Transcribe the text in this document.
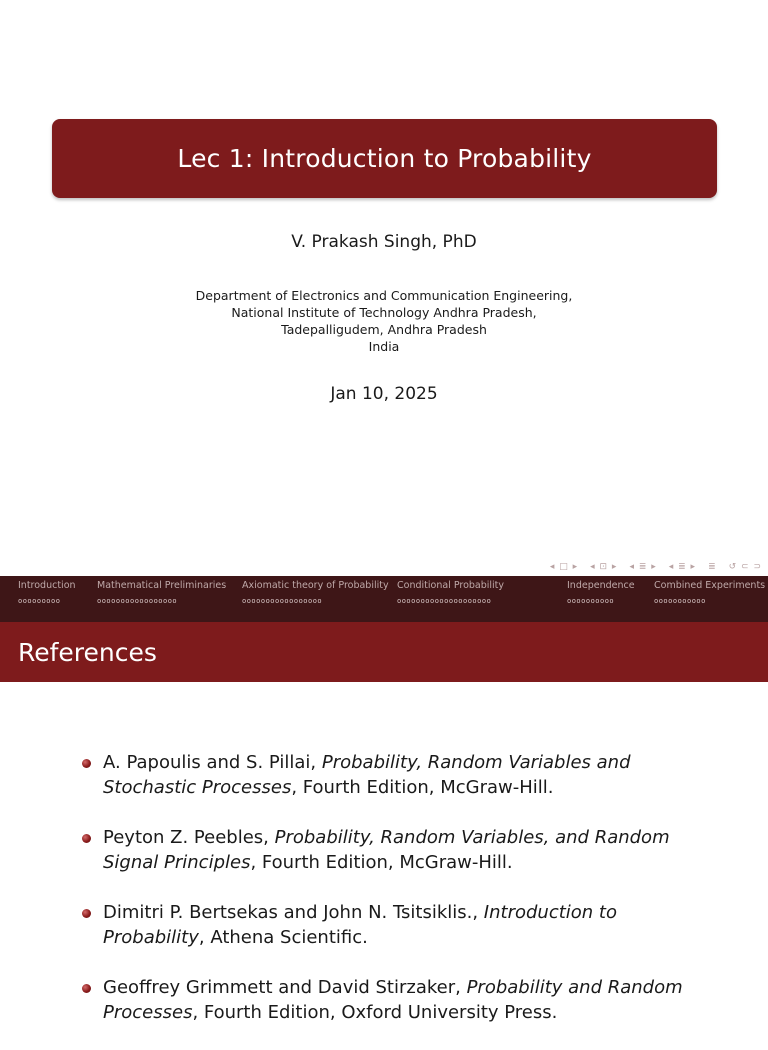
Lec 1: Introduction to Probability
V. Prakash Singh, PhD
Department of Electronics and Communication Engineering,
National Institute of Technology Andhra Pradesh,
Tadepalligudem, Andhra Pradesh
India
Jan 10, 2025
◂ □ ▸ ◂ ⊡ ▸ ◂ ≣ ▸ ◂ ≣ ▸ ≣ ↺ ⊂ ⊃
Introduction Mathematical Preliminaries Axiomatic theory of Probability Conditional Probability	Independence Combined Experiments
ooooooooo	ooooooooooooooooo	ooooooooooooooooo	oooooooooooooooooooo	oooooooooo	ooooooooooo
References
A. Papoulis and S. Pillai, Probability, Random Variables and Stochastic Processes, Fourth Edition, McGraw-Hill.
Peyton Z. Peebles, Probability, Random Variables, and Random Signal Principles, Fourth Edition, McGraw-Hill.
Dimitri P. Bertsekas and John N. Tsitsiklis., Introduction to Probability, Athena Scientific.
Geoffrey Grimmett and David Stirzaker, Probability and Random Processes, Fourth Edition, Oxford University Press.
